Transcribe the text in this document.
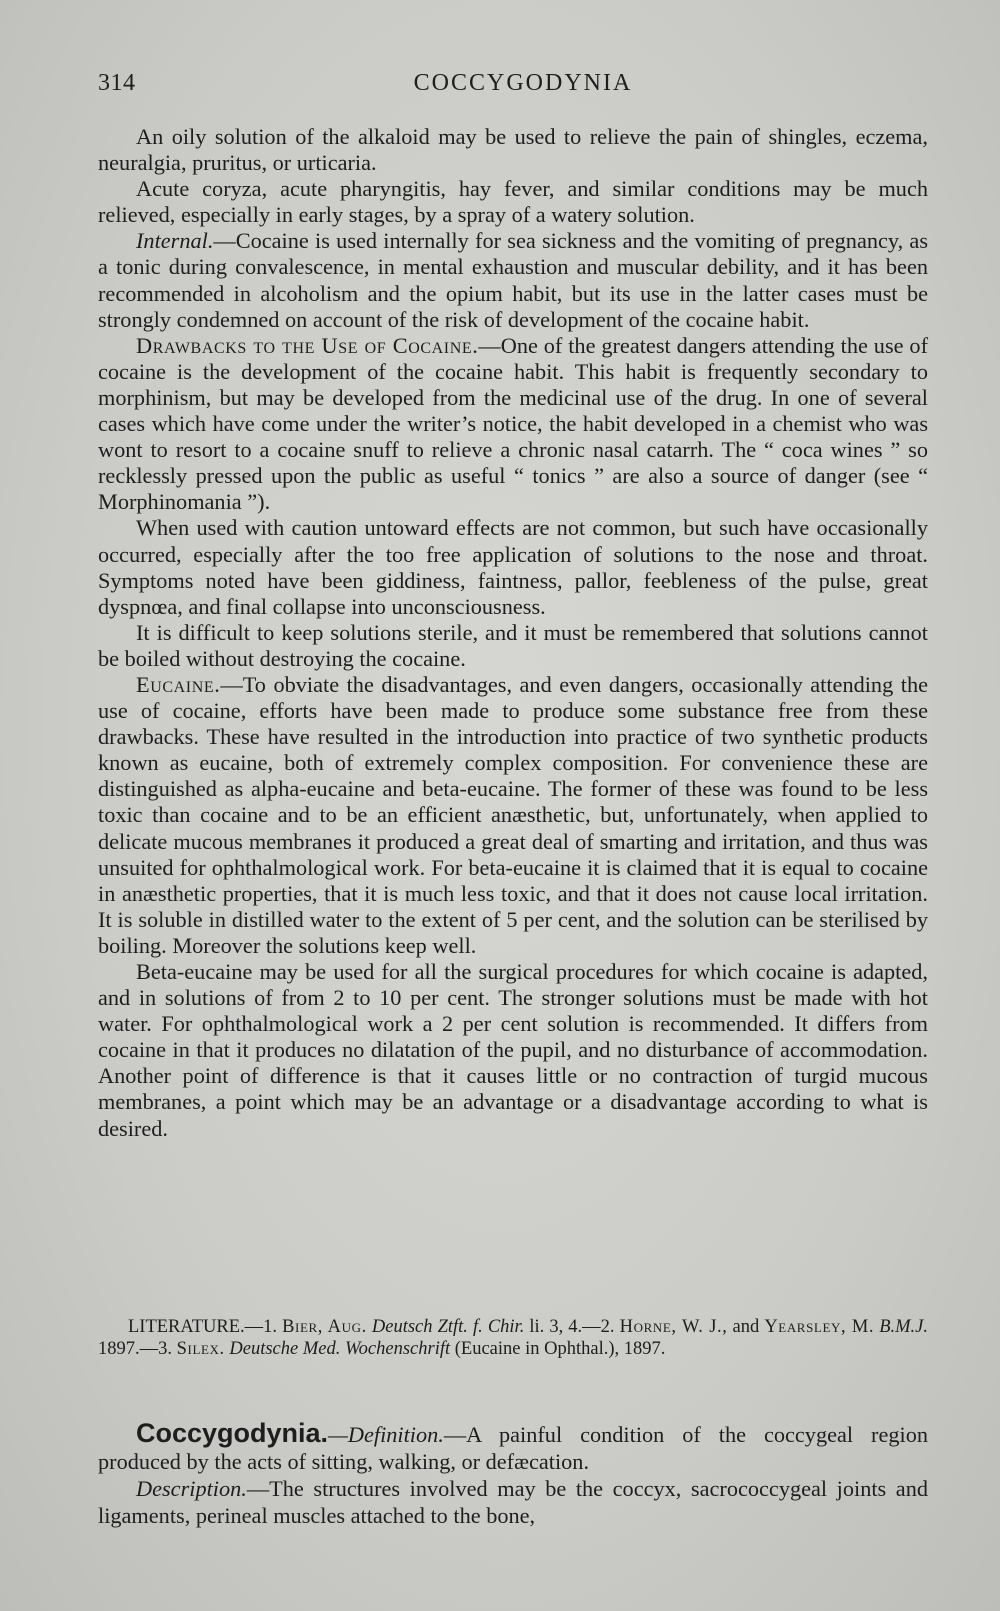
314	COCCYGODYNIA

An oily solution of the alkaloid may be used to relieve the pain of shingles, eczema, neuralgia, pruritus, or urticaria.

Acute coryza, acute pharyngitis, hay fever, and similar conditions may be much relieved, especially in early stages, by a spray of a watery solution.

Internal.—Cocaine is used internally for sea sickness and the vomiting of pregnancy, as a tonic during convalescence, in mental exhaustion and muscular debility, and it has been recommended in alcoholism and the opium habit, but its use in the latter cases must be strongly condemned on account of the risk of development of the cocaine habit.

Drawbacks to the Use of Cocaine.—One of the greatest dangers attending the use of cocaine is the development of the cocaine habit. This habit is frequently secondary to morphinism, but may be developed from the medicinal use of the drug. In one of several cases which have come under the writer’s notice, the habit developed in a chemist who was wont to resort to a cocaine snuff to relieve a chronic nasal catarrh. The “ coca wines ” so recklessly pressed upon the public as useful “ tonics ” are also a source of danger (see “ Morphinomania ”).

When used with caution untoward effects are not common, but such have occasionally occurred, especially after the too free application of solutions to the nose and throat. Symptoms noted have been giddiness, faintness, pallor, feebleness of the pulse, great dyspnœa, and final collapse into unconsciousness.

It is difficult to keep solutions sterile, and it must be remembered that solutions cannot be boiled without destroying the cocaine.

Eucaine.—To obviate the disadvantages, and even dangers, occasionally attending the use of cocaine, efforts have been made to produce some substance free from these drawbacks. These have resulted in the introduction into practice of two synthetic products known as eucaine, both of extremely complex composition. For convenience these are distinguished as alpha-eucaine and beta-eucaine. The former of these was found to be less toxic than cocaine and to be an efficient anæsthetic, but, unfortunately, when applied to delicate mucous membranes it produced a great deal of smarting and irritation, and thus was unsuited for ophthalmological work. For beta-eucaine it is claimed that it is equal to cocaine in anæsthetic properties, that it is much less toxic, and that it does not cause local irritation. It is soluble in distilled water to the extent of 5 per cent, and the solution can be sterilised by boiling. Moreover the solutions keep well.

Beta-eucaine may be used for all the surgical procedures for which cocaine is adapted, and in solutions of from 2 to 10 per cent. The stronger solutions must be made with hot water. For ophthalmological work a 2 per cent solution is recommended. It differs from cocaine in that it produces no dilatation of the pupil, and no disturbance of accommodation. Another point of difference is that it causes little or no contraction of turgid mucous membranes, a point which may be an advantage or a disadvantage according to what is desired.

LITERATURE.—1. Bier, Aug. Deutsch Ztft. f. Chir. li. 3, 4.—2. Horne, W. J., and Yearsley, M. B.M.J. 1897.—3. Silex. Deutsche Med. Wochenschrift (Eucaine in Ophthal.), 1897.

Coccygodynia.—Definition.—A painful condition of the coccygeal region produced by the acts of sitting, walking, or defæcation.

Description.—The structures involved may be the coccyx, sacrococcygeal joints and ligaments, perineal muscles attached to the bone,
